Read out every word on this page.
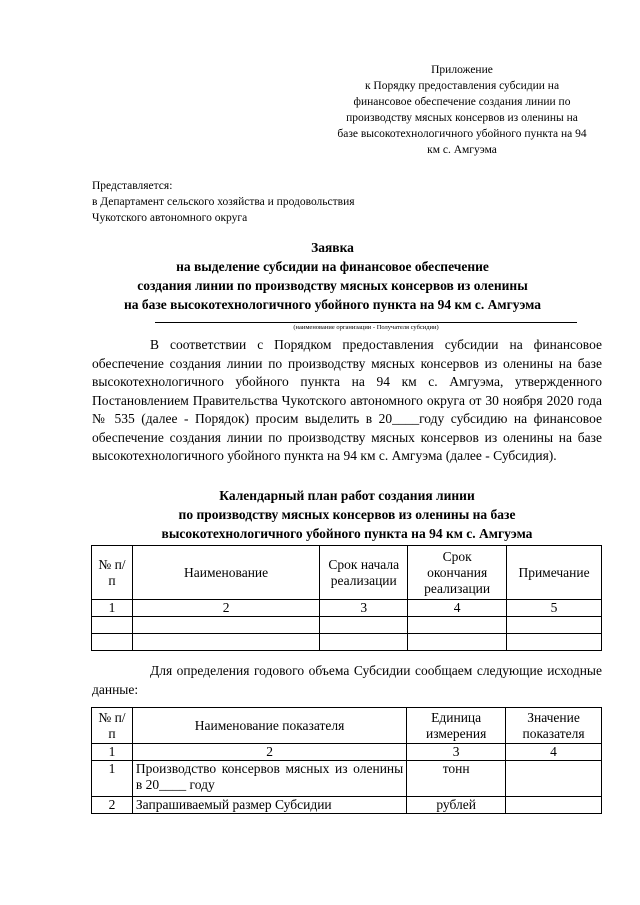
Приложение
к Порядку предоставления субсидии на
финансовое обеспечение создания линии по
производству мясных консервов из оленины на
базе высокотехнологичного убойного пункта на 94
км с. Амгуэма
Представляется:
в Департамент сельского хозяйства и продовольствия
Чукотского автономного округа
Заявка
на выделение субсидии на финансовое обеспечение
создания линии по производству мясных консервов из оленины
на базе высокотехнологичного убойного пункта на 94 км с. Амгуэма
(наименование организации - Получателя субсидии)
В соответствии с Порядком предоставления субсидии на финансовое обеспечение создания линии по производству мясных консервов из оленины на базе высокотехнологичного убойного пункта на 94 км с. Амгуэма, утвержденного Постановлением Правительства Чукотского автономного округа от 30 ноября 2020 года № 535 (далее - Порядок) просим выделить в 20____году субсидию на финансовое обеспечение создания линии по производству мясных консервов из оленины на базе высокотехнологичного убойного пункта на 94 км с. Амгуэма (далее - Субсидия).
Календарный план работ создания линии
по производству мясных консервов из оленины на базе
высокотехнологичного убойного пункта на 94 км с. Амгуэма
№ п/п	Наименование	Срок начала реализации	Срок окончания реализации	Примечание
1	2	3	4	5

Для определения годового объема Субсидии сообщаем следующие исходные данные:
№ п/п	Наименование показателя	Единица измерения	Значение показателя
1	2	3	4
1	Производство консервов мясных из оленины в 20____ году	тонн	
2	Запрашиваемый размер Субсидии	рублей	
